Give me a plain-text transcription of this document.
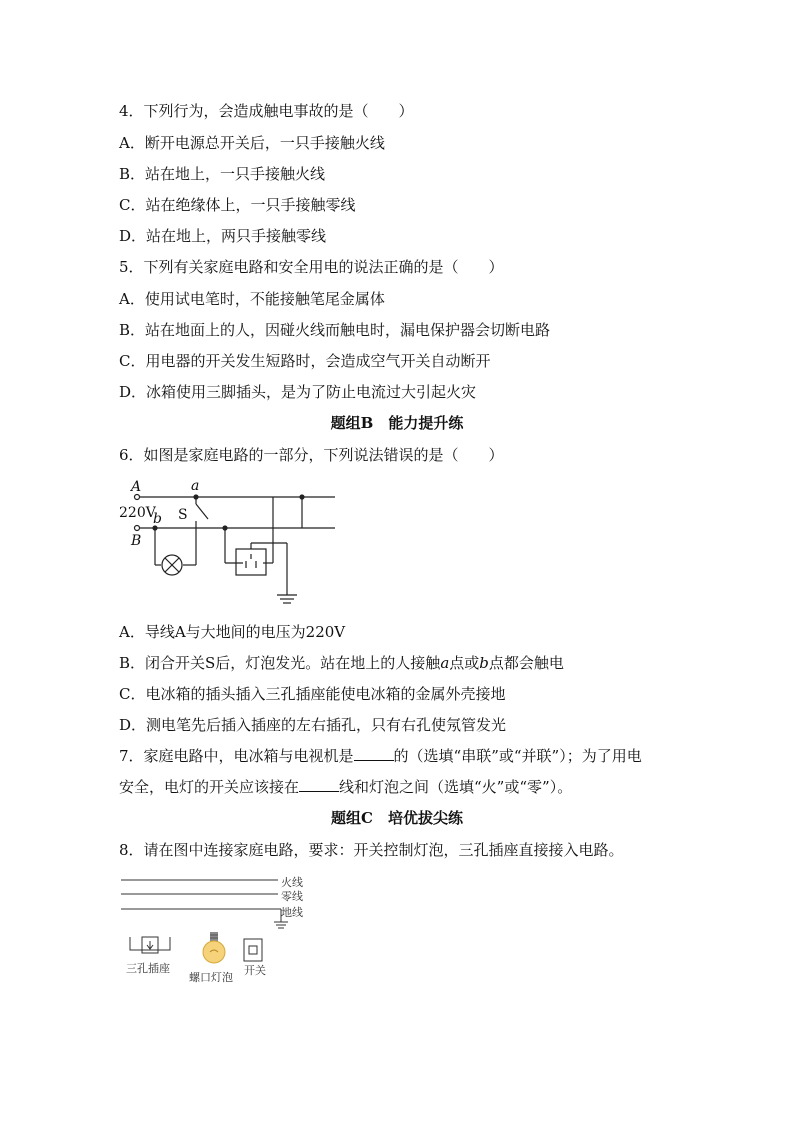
4．下列行为，会造成触电事故的是（　　）
A．断开电源总开关后，一只手接触火线
B．站在地上，一只手接触火线
C．站在绝缘体上，一只手接触零线
D．站在地上，两只手接触零线
5．下列有关家庭电路和安全用电的说法正确的是（　　）
A．使用试电笔时，不能接触笔尾金属体
B．站在地面上的人，因碰火线而触电时，漏电保护器会切断电路
C．用电器的开关发生短路时，会造成空气开关自动断开
D．冰箱使用三脚插头，是为了防止电流过大引起火灾
题组B　能力提升练
6．如图是家庭电路的一部分，下列说法错误的是（　　）
A	a
220V
b S
B
A．导线A与大地间的电压为220V
B．闭合开关S后，灯泡发光。站在地上的人接触a点或b点都会触电
C．电冰箱的插头插入三孔插座能使电冰箱的金属外壳接地
D．测电笔先后插入插座的左右插孔，只有右孔使氖管发光
7．家庭电路中，电冰箱与电视机是	的（选填“串联”或“并联”）；为了用电
安全，电灯的开关应该接在	线和灯泡之间（选填“火”或“零”）。
题组C　培优拔尖练
8．请在图中连接家庭电路，要求：开关控制灯泡，三孔插座直接接入电路。
火线
零线
地线
三孔插座
螺口灯泡
开关
